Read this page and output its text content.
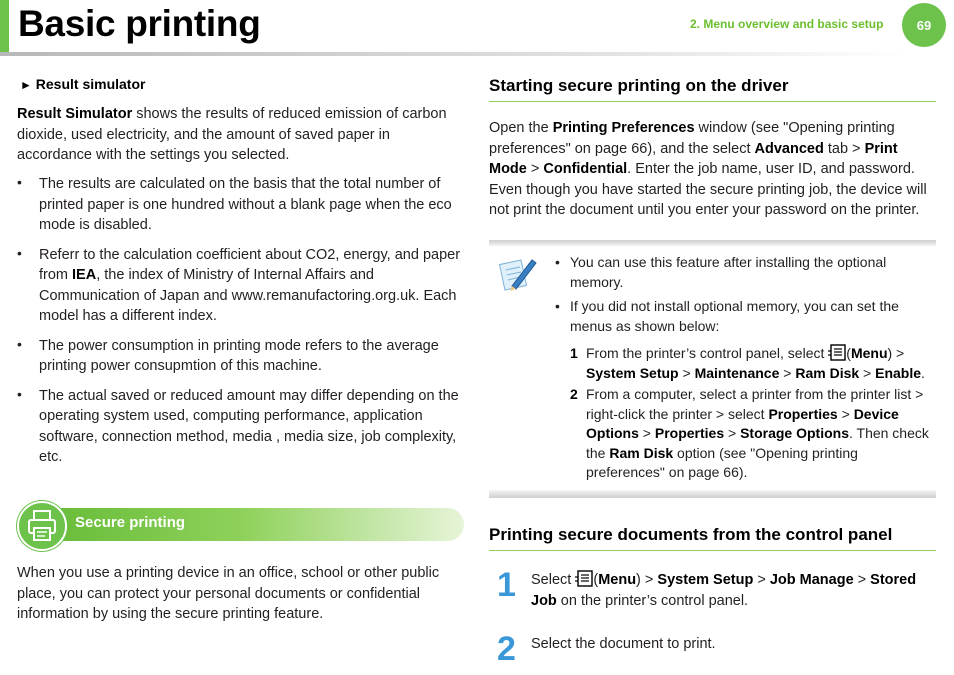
Basic printing	2. Menu overview and basic setup	69
► Result simulator

Result Simulator shows the results of reduced emission of carbon dioxide, used electricity, and the amount of saved paper in accordance with the settings you selected.

• The results are calculated on the basis that the total number of printed paper is one hundred without a blank page when the eco mode is disabled.

• Referr to the calculation coefficient about CO2, energy, and paper from IEA, the index of Ministry of Internal Affairs and Communication of Japan and www.remanufactoring.org.uk. Each model has a different index.

• The power consumption in printing mode refers to the average printing power consupmtion of this machine.

• The actual saved or reduced amount may differ depending on the operating system used, computing performance, application software, connection method, media , media size, job complexity, etc.

Secure printing

When you use a printing device in an office, school or other public place, you can protect your personal documents or confidential information by using the secure printing feature.

Starting secure printing on the driver

Open the Printing Preferences window (see "Opening printing preferences" on page 66), and the select Advanced tab > Print Mode > Confidential. Enter the job name, user ID, and password. Even though you have started the secure printing job, the device will not print the document until you enter your password on the printer.

• You can use this feature after installing the optional memory.

• If you did not install optional memory, you can set the menus as shown below:

1 From the printer’s control panel, select (Menu) > System Setup > Maintenance > Ram Disk > Enable.

2 From a computer, select a printer from the printer list > right-click the printer > select Properties > Device Options > Properties > Storage Options. Then check the Ram Disk option (see "Opening printing preferences" on page 66).

Printing secure documents from the control panel
1 Select (Menu) > System Setup > Job Manage > Stored Job on the printer’s control panel.

2 Select the document to print.
